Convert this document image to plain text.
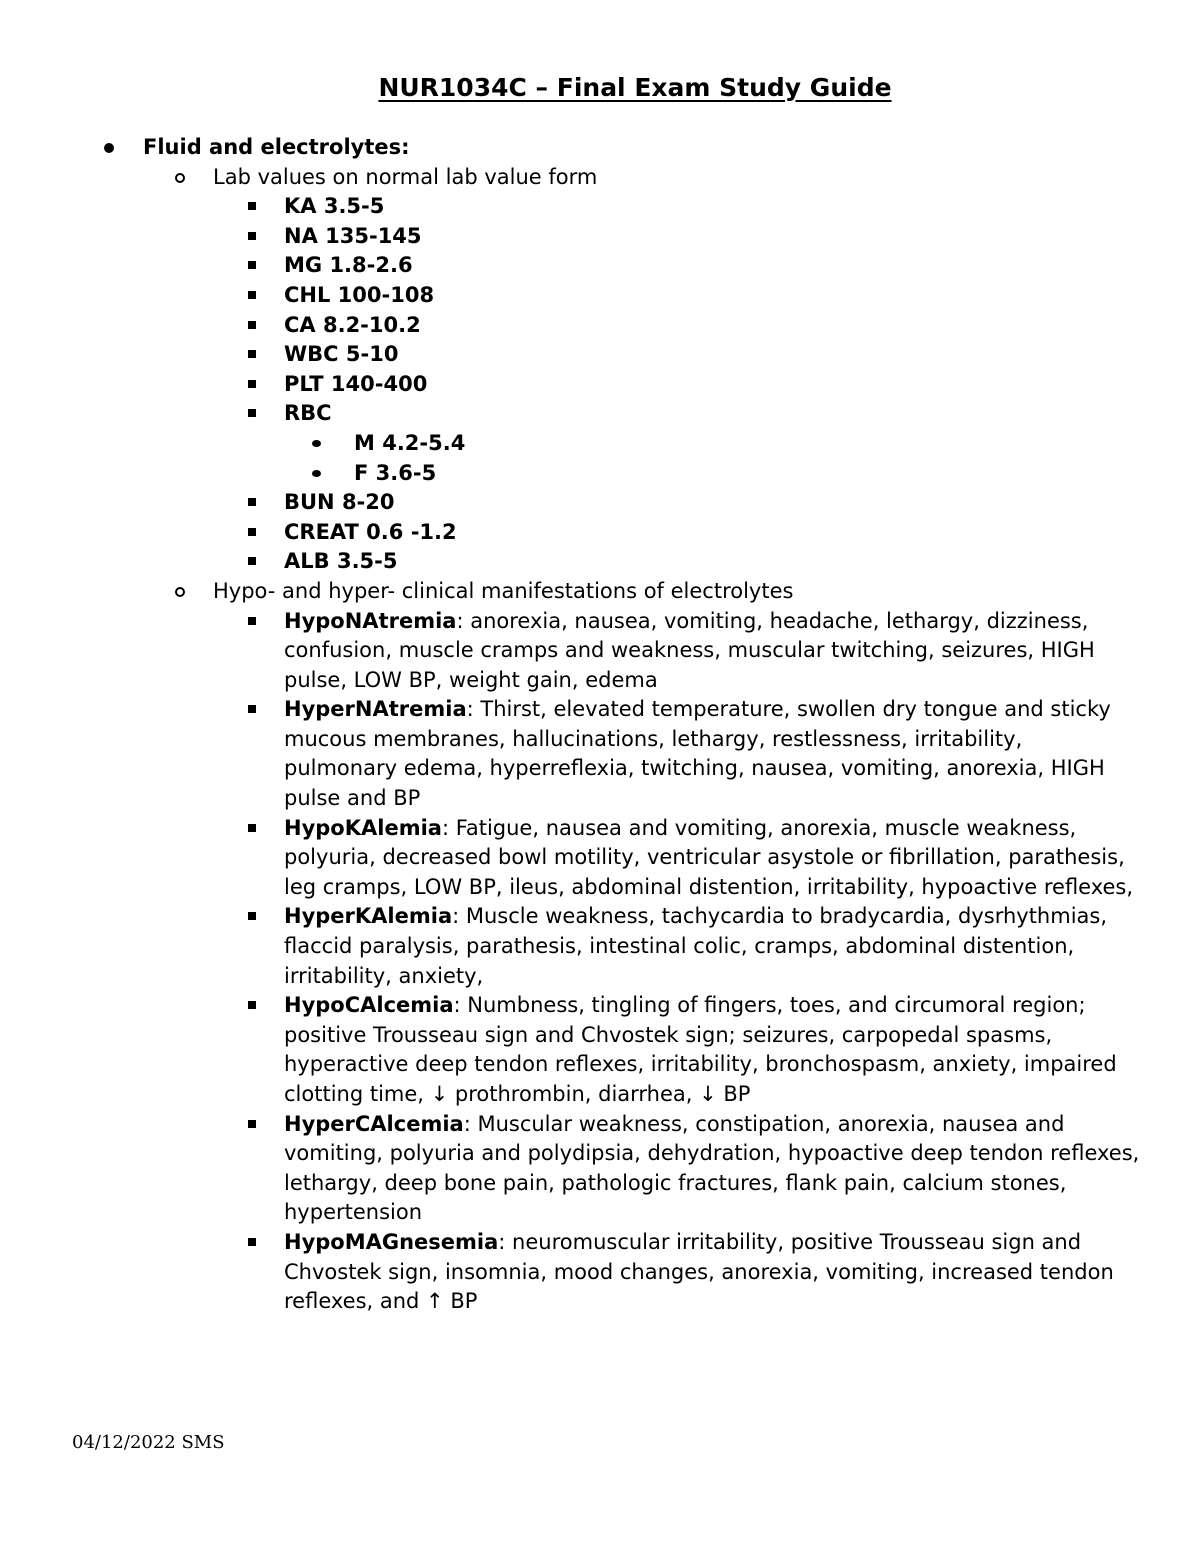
NUR1034C – Final Exam Study Guide
Fluid and electrolytes:
Lab values on normal lab value form
KA 3.5-5
NA 135-145
MG 1.8-2.6
CHL 100-108
CA 8.2-10.2
WBC 5-10
PLT 140-400
RBC
M 4.2-5.4
F 3.6-5
BUN 8-20
CREAT 0.6 -1.2
ALB 3.5-5
Hypo- and hyper- clinical manifestations of electrolytes
HypoNAtremia: anorexia, nausea, vomiting, headache, lethargy, dizziness, confusion, muscle cramps and weakness, muscular twitching, seizures, HIGH pulse, LOW BP, weight gain, edema
HyperNAtremia: Thirst, elevated temperature, swollen dry tongue and sticky mucous membranes, hallucinations, lethargy, restlessness, irritability, pulmonary edema, hyperreflexia, twitching, nausea, vomiting, anorexia, HIGH pulse and BP
HypoKAlemia: Fatigue, nausea and vomiting, anorexia, muscle weakness, polyuria, decreased bowl motility, ventricular asystole or fibrillation, parathesis, leg cramps, LOW BP, ileus, abdominal distention, irritability, hypoactive reflexes,
HyperKAlemia: Muscle weakness, tachycardia to bradycardia, dysrhythmias, flaccid paralysis, parathesis, intestinal colic, cramps, abdominal distention, irritability, anxiety,
HypoCAlcemia: Numbness, tingling of fingers, toes, and circumoral region; positive Trousseau sign and Chvostek sign; seizures, carpopedal spasms, hyperactive deep tendon reflexes, irritability, bronchospasm, anxiety, impaired clotting time, ↓ prothrombin, diarrhea, ↓ BP
HyperCAlcemia: Muscular weakness, constipation, anorexia, nausea and vomiting, polyuria and polydipsia, dehydration, hypoactive deep tendon reflexes, lethargy, deep bone pain, pathologic fractures, flank pain, calcium stones, hypertension
HypoMAGnesemia: neuromuscular irritability, positive Trousseau sign and Chvostek sign, insomnia, mood changes, anorexia, vomiting, increased tendon reflexes, and ↑ BP
04/12/2022 SMS
